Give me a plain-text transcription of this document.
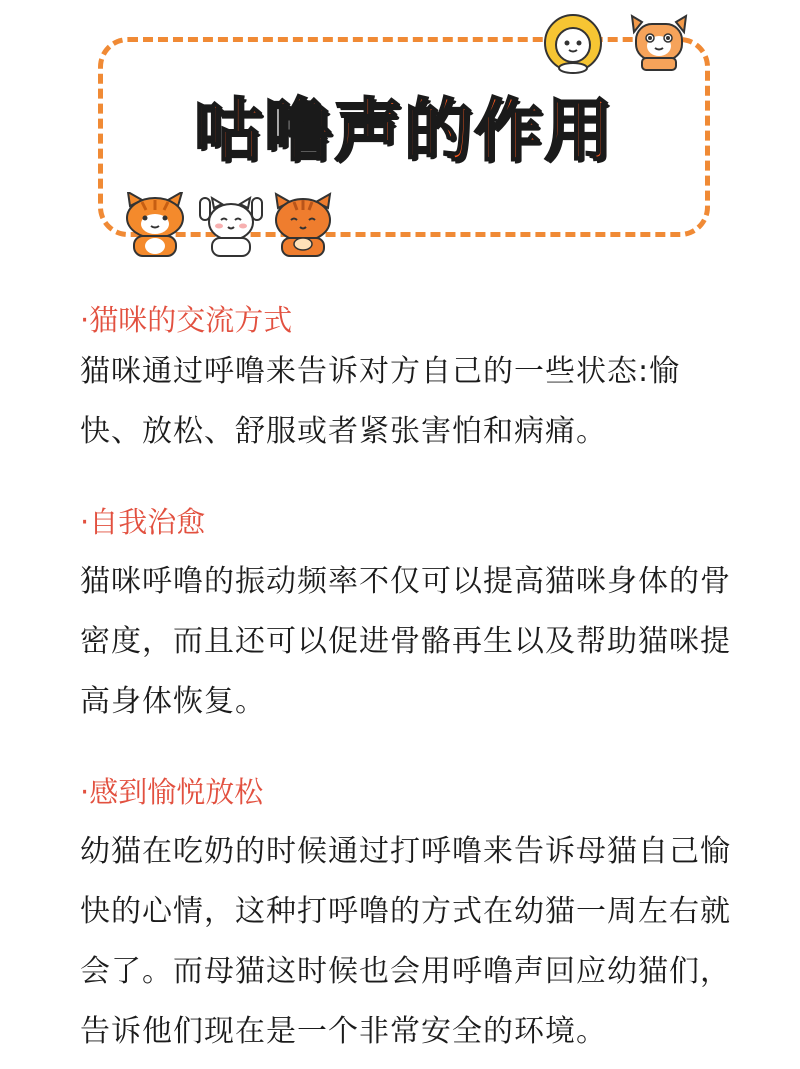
咕噜声的作用

·猫咪的交流方式

猫咪通过呼噜来告诉对方自己的一些状态:愉快、放松、舒服或者紧张害怕和病痛。

·自我治愈

猫咪呼噜的振动频率不仅可以提高猫咪身体的骨密度，而且还可以促进骨骼再生以及帮助猫咪提高身体恢复。

·感到愉悦放松

幼猫在吃奶的时候通过打呼噜来告诉母猫自己愉快的心情，这种打呼噜的方式在幼猫一周左右就会了。而母猫这时候也会用呼噜声回应幼猫们，告诉他们现在是一个非常安全的环境。
